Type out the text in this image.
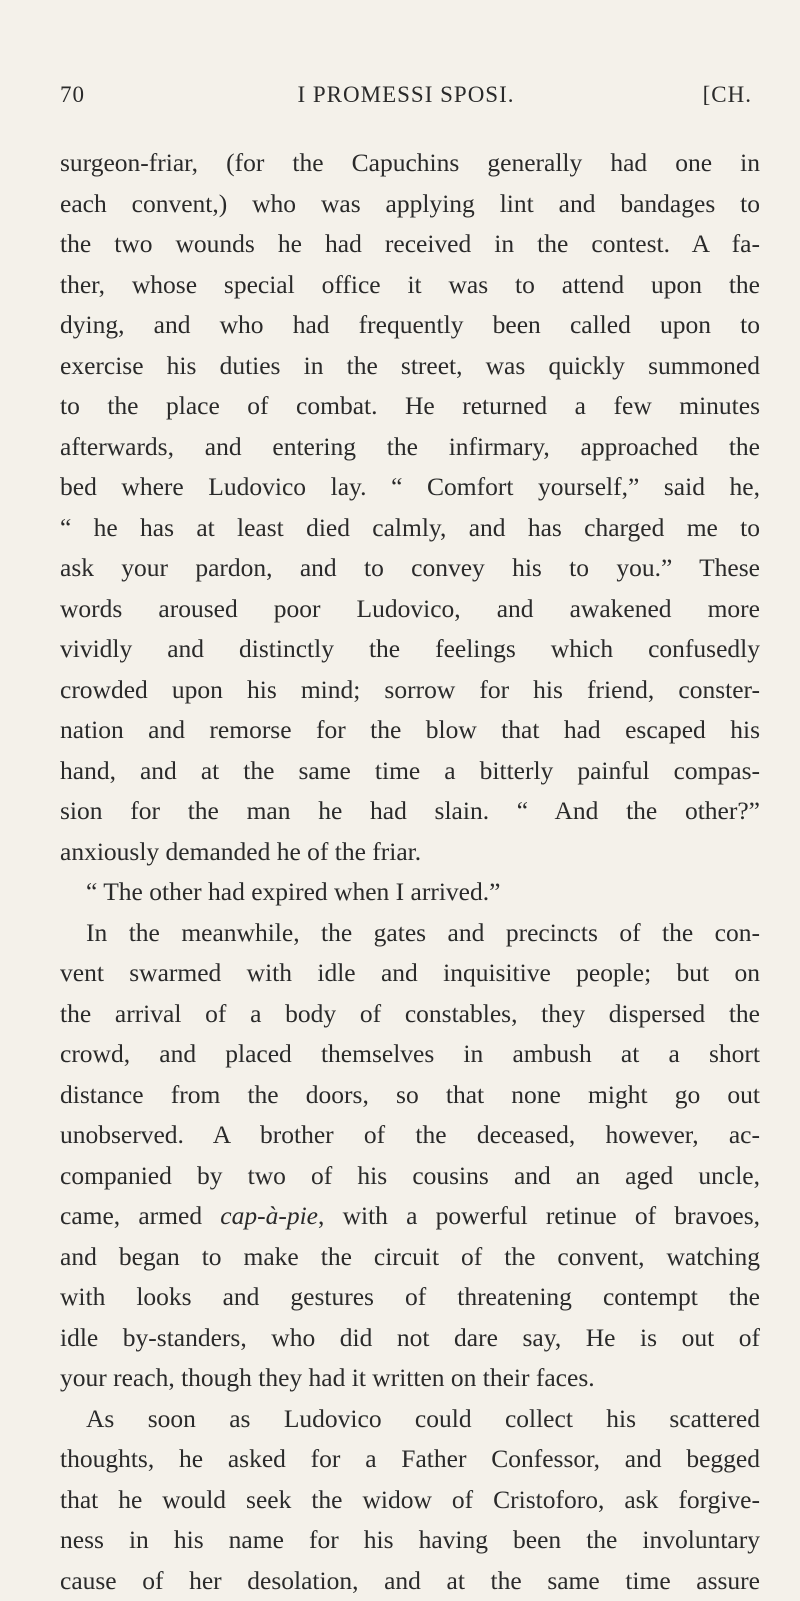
70	I PROMESSI SPOSI.	[CH.
surgeon-friar, (for the Capuchins generally had one in
each convent,) who was applying lint and bandages to
the two wounds he had received in the contest. A fa-
ther, whose special office it was to attend upon the
dying, and who had frequently been called upon to
exercise his duties in the street, was quickly summoned
to the place of combat. He returned a few minutes
afterwards, and entering the infirmary, approached the
bed where Ludovico lay. “ Comfort yourself,” said he,
“ he has at least died calmly, and has charged me to
ask your pardon, and to convey his to you.” These
words aroused poor Ludovico, and awakened more
vividly and distinctly the feelings which confusedly
crowded upon his mind; sorrow for his friend, conster-
nation and remorse for the blow that had escaped his
hand, and at the same time a bitterly painful compas-
sion for the man he had slain. “ And the other?”
anxiously demanded he of the friar.
“ The other had expired when I arrived.”
In the meanwhile, the gates and precincts of the con-
vent swarmed with idle and inquisitive people; but on
the arrival of a body of constables, they dispersed the
crowd, and placed themselves in ambush at a short
distance from the doors, so that none might go out
unobserved. A brother of the deceased, however, ac-
companied by two of his cousins and an aged uncle,
came, armed cap-à-pie, with a powerful retinue of bravoes,
and began to make the circuit of the convent, watching
with looks and gestures of threatening contempt the
idle by-standers, who did not dare say, He is out of
your reach, though they had it written on their faces.
As soon as Ludovico could collect his scattered
thoughts, he asked for a Father Confessor, and begged
that he would seek the widow of Cristoforo, ask forgive-
ness in his name for his having been the involuntary
cause of her desolation, and at the same time assure
